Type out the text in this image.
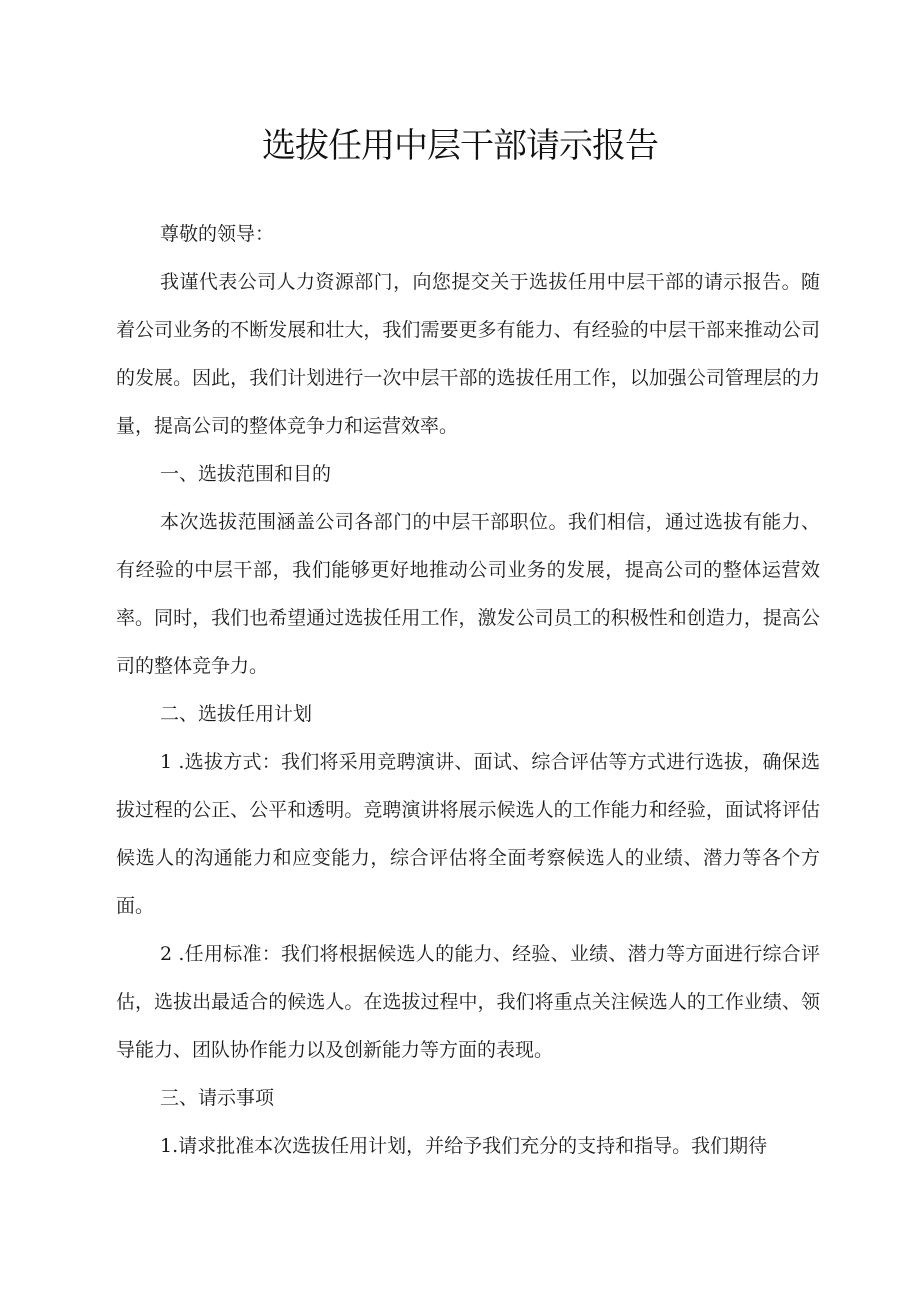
选拔任用中层干部请示报告

尊敬的领导：

我谨代表公司人力资源部门，向您提交关于选拔任用中层干部的请示报告。随着公司业务的不断发展和壮大，我们需要更多有能力、有经验的中层干部来推动公司的发展。因此，我们计划进行一次中层干部的选拔任用工作，以加强公司管理层的力量，提高公司的整体竞争力和运营效率。

一、选拔范围和目的

本次选拔范围涵盖公司各部门的中层干部职位。我们相信，通过选拔有能力、有经验的中层干部，我们能够更好地推动公司业务的发展，提高公司的整体运营效率。同时，我们也希望通过选拔任用工作，激发公司员工的积极性和创造力，提高公司的整体竞争力。

二、选拔任用计划

1 .选拔方式：我们将采用竞聘演讲、面试、综合评估等方式进行选拔，确保选拔过程的公正、公平和透明。竞聘演讲将展示候选人的工作能力和经验，面试将评估候选人的沟通能力和应变能力，综合评估将全面考察候选人的业绩、潜力等各个方面。

2 .任用标准：我们将根据候选人的能力、经验、业绩、潜力等方面进行综合评估，选拔出最适合的候选人。在选拔过程中，我们将重点关注候选人的工作业绩、领导能力、团队协作能力以及创新能力等方面的表现。

三、请示事项

1.请求批准本次选拔任用计划，并给予我们充分的支持和指导。我们期待
